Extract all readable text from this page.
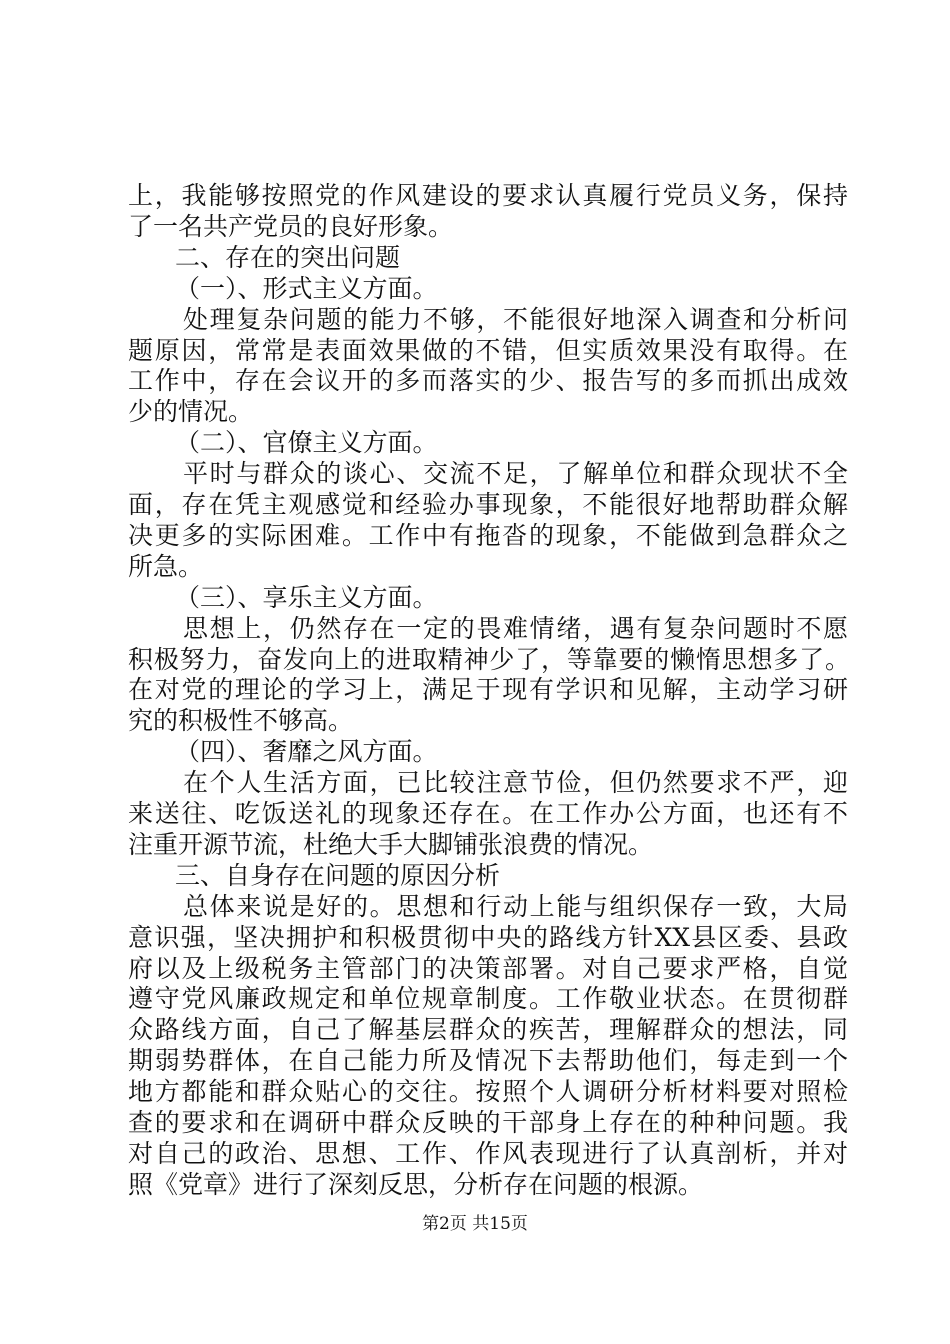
上，我能够按照党的作风建设的要求认真履行党员义务，保持
了一名共产党员的良好形象。
二、存在的突出问题
（一）、形式主义方面。
处理复杂问题的能力不够，不能很好地深入调查和分析问
题原因，常常是表面效果做的不错，但实质效果没有取得。在
工作中，存在会议开的多而落实的少、报告写的多而抓出成效
少的情况。
（二）、官僚主义方面。
平时与群众的谈心、交流不足，了解单位和群众现状不全
面，存在凭主观感觉和经验办事现象，不能很好地帮助群众解
决更多的实际困难。工作中有拖沓的现象，不能做到急群众之
所急。
（三）、享乐主义方面。
思想上，仍然存在一定的畏难情绪，遇有复杂问题时不愿
积极努力，奋发向上的进取精神少了，等靠要的懒惰思想多了。
在对党的理论的学习上，满足于现有学识和见解，主动学习研
究的积极性不够高。
（四）、奢靡之风方面。
在个人生活方面，已比较注意节俭，但仍然要求不严，迎
来送往、吃饭送礼的现象还存在。在工作办公方面，也还有不
注重开源节流，杜绝大手大脚铺张浪费的情况。
三、自身存在问题的原因分析
总体来说是好的。思想和行动上能与组织保存一致，大局
意识强，坚决拥护和积极贯彻中央的路线方针XX县区委、县政
府以及上级税务主管部门的决策部署。对自己要求严格，自觉
遵守党风廉政规定和单位规章制度。工作敬业状态。在贯彻群
众路线方面，自己了解基层群众的疾苦，理解群众的想法，同
期弱势群体，在自己能力所及情况下去帮助他们，每走到一个
地方都能和群众贴心的交往。按照个人调研分析材料要对照检
查的要求和在调研中群众反映的干部身上存在的种种问题。我
对自己的政治、思想、工作、作风表现进行了认真剖析，并对
照《党章》进行了深刻反思，分析存在问题的根源。
第2页 共15页
